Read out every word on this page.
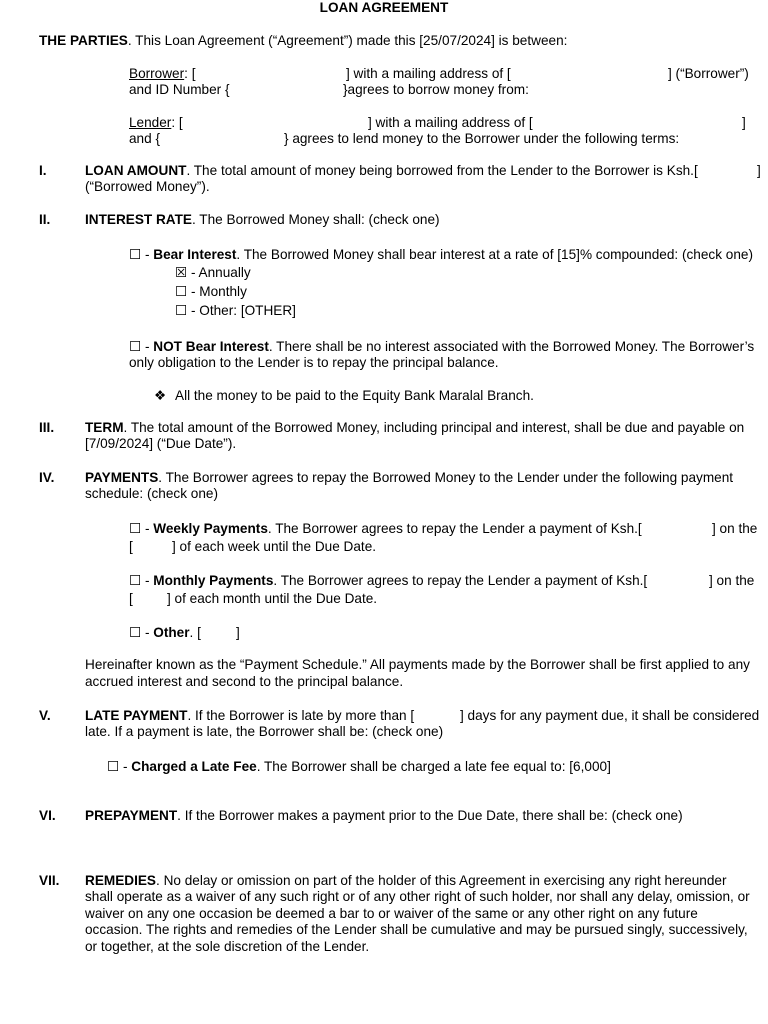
LOAN AGREEMENT
THE PARTIES. This Loan Agreement (“Agreement”) made this [25/07/2024] is between:
Borrower: [	] with a mailing address of [	] (“Borrower”)
and ID Number {	}agrees to borrow money from:
Lender: [	] with a mailing address of [	]
and {	} agrees to lend money to the Borrower under the following terms:
I.	LOAN AMOUNT. The total amount of money being borrowed from the Lender to the Borrower is Ksh.[	]
(“Borrowed Money”).
II.	INTEREST RATE. The Borrowed Money shall: (check one)
☐ - Bear Interest. The Borrowed Money shall bear interest at a rate of [15]% compounded: (check one)
☒ - Annually
☐ - Monthly
☐ - Other: [OTHER]
☐ - NOT Bear Interest. There shall be no interest associated with the Borrowed Money. The Borrower’s
only obligation to the Lender is to repay the principal balance.
❖ All the money to be paid to the Equity Bank Maralal Branch.
III. TERM. The total amount of the Borrowed Money, including principal and interest, shall be due and payable on
[7/09/2024] (“Due Date”).
IV. PAYMENTS. The Borrower agrees to repay the Borrowed Money to the Lender under the following payment
schedule: (check one)
☐ - Weekly Payments. The Borrower agrees to repay the Lender a payment of Ksh.[	] on the
[	] of each week until the Due Date.
☐ - Monthly Payments. The Borrower agrees to repay the Lender a payment of Ksh.[	] on the
[	] of each month until the Due Date.
☐ - Other. [	]
Hereinafter known as the “Payment Schedule.” All payments made by the Borrower shall be first applied to any
accrued interest and second to the principal balance.
V.	LATE PAYMENT. If the Borrower is late by more than [	] days for any payment due, it shall be considered
late. If a payment is late, the Borrower shall be: (check one)
☐ - Charged a Late Fee. The Borrower shall be charged a late fee equal to: [6,000]
VI. PREPAYMENT. If the Borrower makes a payment prior to the Due Date, there shall be: (check one)
VII. REMEDIES. No delay or omission on part of the holder of this Agreement in exercising any right hereunder
shall operate as a waiver of any such right or of any other right of such holder, nor shall any delay, omission, or
waiver on any one occasion be deemed a bar to or waiver of the same or any other right on any future
occasion. The rights and remedies of the Lender shall be cumulative and may be pursued singly, successively,
or together, at the sole discretion of the Lender.
